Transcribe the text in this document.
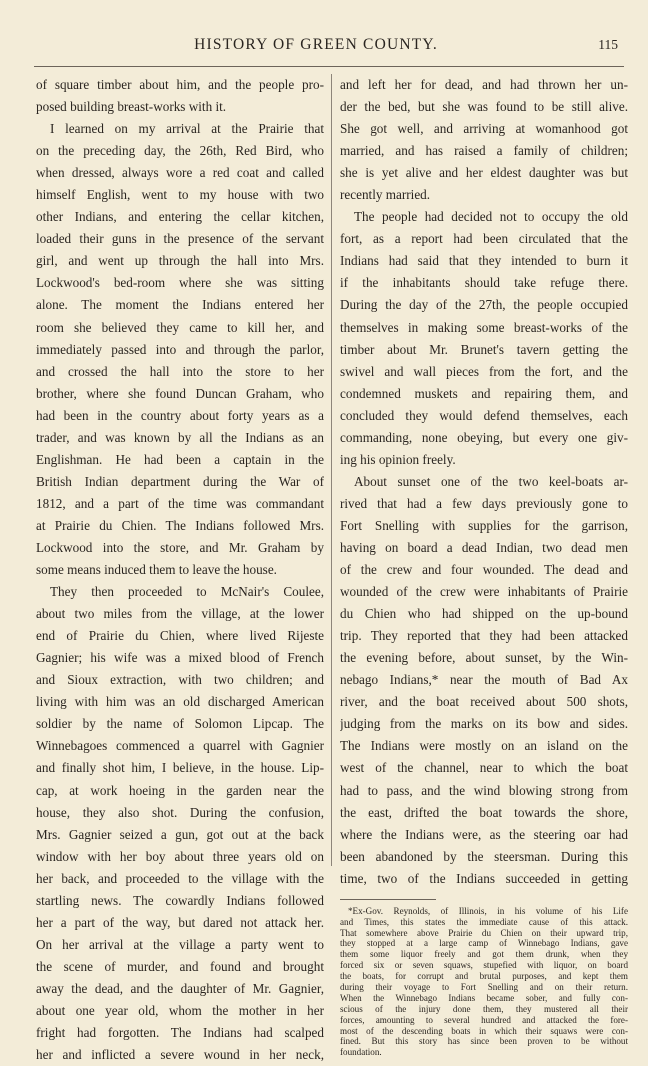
HISTORY OF GREEN COUNTY.	115
of square timber about him, and the people pro-
posed building breast-works with it.
I learned on my arrival at the Prairie that
on the preceding day, the 26th, Red Bird, who
when dressed, always wore a red coat and called
himself English, went to my house with two
other Indians, and entering the cellar kitchen,
loaded their guns in the presence of the servant
girl, and went up through the hall into Mrs.
Lockwood's bed-room where she was sitting
alone. The moment the Indians entered her
room she believed they came to kill her, and
immediately passed into and through the parlor,
and crossed the hall into the store to her
brother, where she found Duncan Graham, who
had been in the country about forty years as a
trader, and was known by all the Indians as an
Englishman. He had been a captain in the
British Indian department during the War of
1812, and a part of the time was commandant
at Prairie du Chien. The Indians followed Mrs.
Lockwood into the store, and Mr. Graham by
some means induced them to leave the house.
They then proceeded to McNair's Coulee,
about two miles from the village, at the lower
end of Prairie du Chien, where lived Rijeste
Gagnier; his wife was a mixed blood of French
and Sioux extraction, with two children; and
living with him was an old discharged American
soldier by the name of Solomon Lipcap. The
Winnebagoes commenced a quarrel with Gagnier
and finally shot him, I believe, in the house. Lip-
cap, at work hoeing in the garden near the
house, they also shot. During the confusion,
Mrs. Gagnier seized a gun, got out at the back
window with her boy about three years old on
her back, and proceeded to the village with the
startling news. The cowardly Indians followed
her a part of the way, but dared not attack her.
On her arrival at the village a party went to
the scene of murder, and found and brought
away the dead, and the daughter of Mr. Gagnier,
about one year old, whom the mother in her
fright had forgotten. The Indians had scalped
her and inflicted a severe wound in her neck,
and left her for dead, and had thrown her un-
der the bed, but she was found to be still alive.
She got well, and arriving at womanhood got
married, and has raised a family of children;
she is yet alive and her eldest daughter was but
recently married.
The people had decided not to occupy the old
fort, as a report had been circulated that the
Indians had said that they intended to burn it
if the inhabitants should take refuge there.
During the day of the 27th, the people occupied
themselves in making some breast-works of the
timber about Mr. Brunet's tavern getting the
swivel and wall pieces from the fort, and the
condemned muskets and repairing them, and
concluded they would defend themselves, each
commanding, none obeying, but every one giv-
ing his opinion freely.
About sunset one of the two keel-boats ar-
rived that had a few days previously gone to
Fort Snelling with supplies for the garrison,
having on board a dead Indian, two dead men
of the crew and four wounded. The dead and
wounded of the crew were inhabitants of Prairie
du Chien who had shipped on the up-bound
trip. They reported that they had been attacked
the evening before, about sunset, by the Win-
nebago Indians,* near the mouth of Bad Ax
river, and the boat received about 500 shots,
judging from the marks on its bow and sides.
The Indians were mostly on an island on the
west of the channel, near to which the boat
had to pass, and the wind blowing strong from
the east, drifted the boat towards the shore,
where the Indians were, as the steering oar had
been abandoned by the steersman. During this
time, two of the Indians succeeded in getting
*Ex-Gov. Reynolds, of Illinois, in his volume of his Life
and Times, this states the immediate cause of this attack.
That somewhere above Prairie du Chien on their upward trip,
they stopped at a large camp of Winnebago Indians, gave
them some liquor freely and got them drunk, when they
forced six or seven squaws, stupefied with liquor, on board
the boats, for corrupt and brutal purposes, and kept them
during their voyage to Fort Snelling and on their return.
When the Winnebago Indians became sober, and fully con-
scious of the injury done them, they mustered all their
forces, amounting to several hundred and attacked the fore-
most of the descending boats in which their squaws were con-
fined. But this story has since been proven to be without
foundation.
